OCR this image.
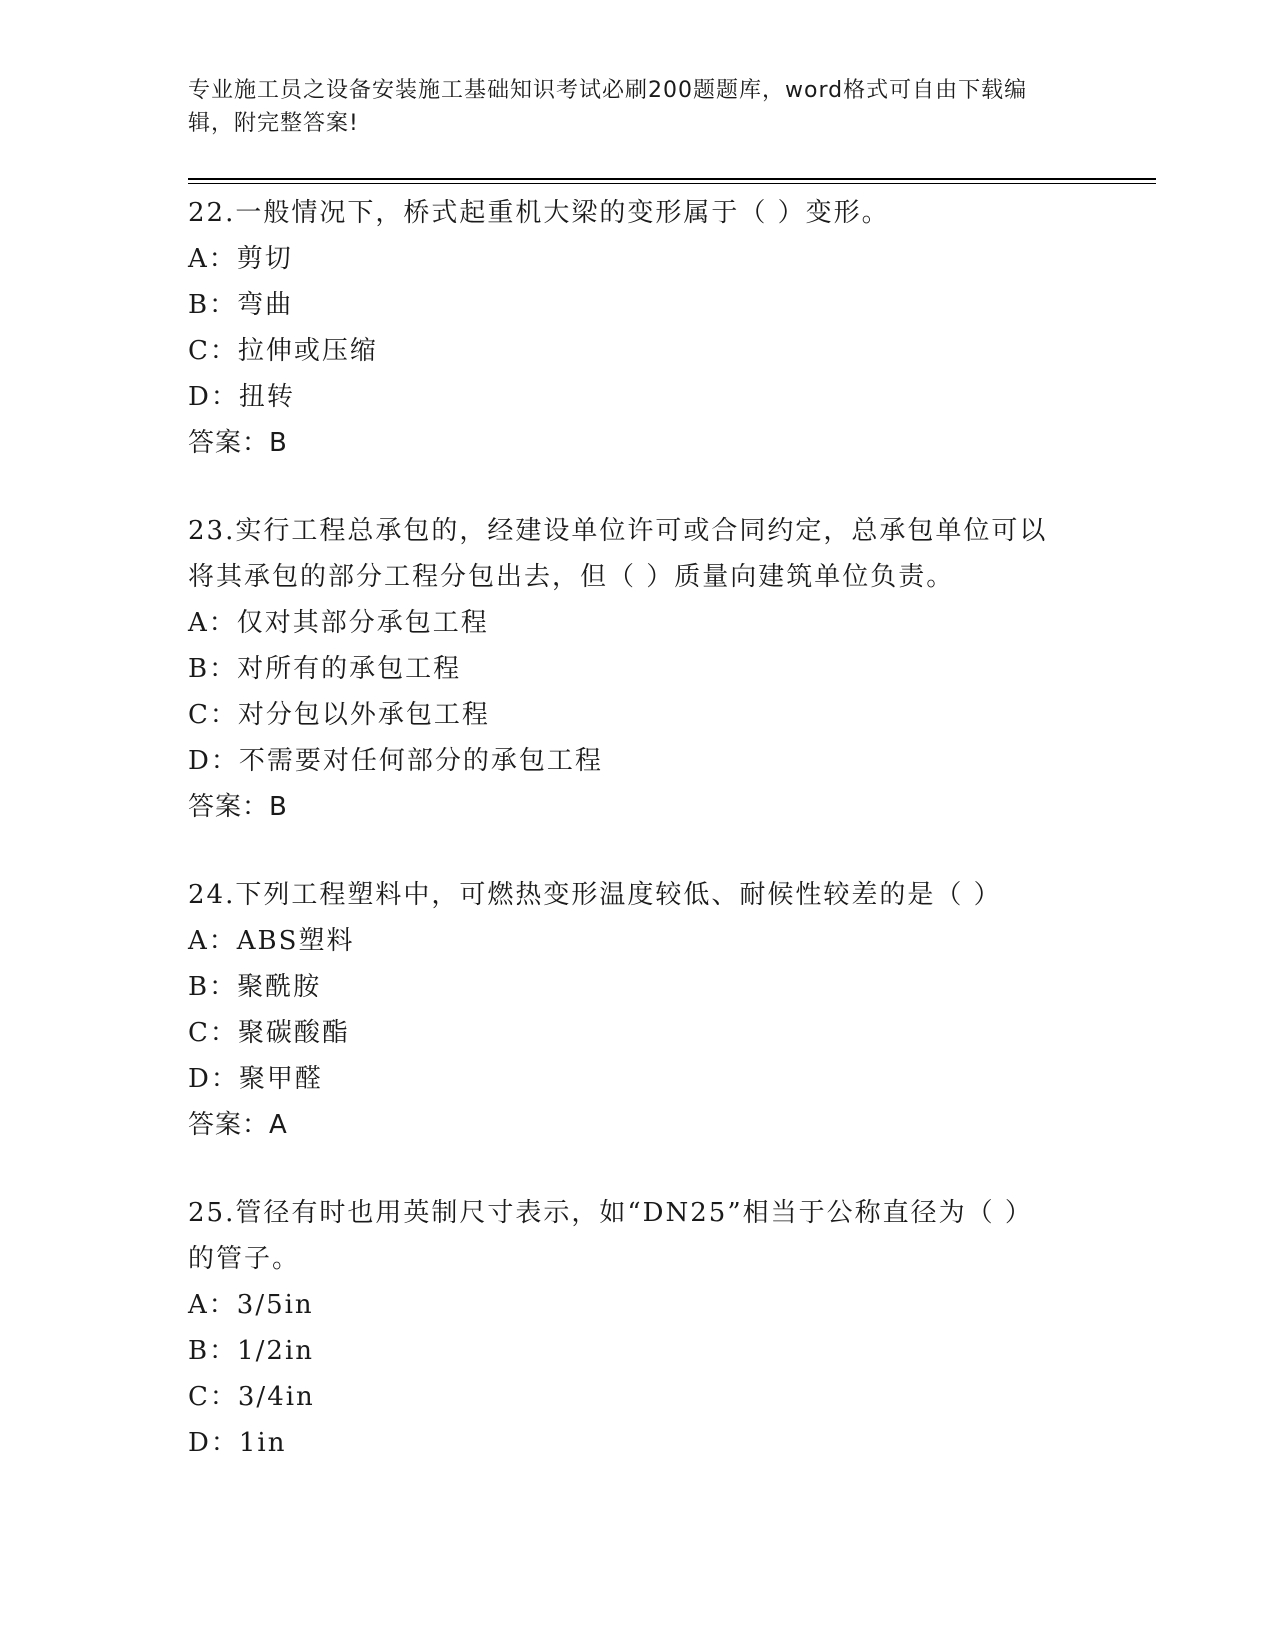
专业施工员之设备安装施工基础知识考试必刷200题题库，word格式可自由下载编辑，附完整答案!
22.一般情况下，桥式起重机大梁的变形属于（ ）变形。
A：剪切
B：弯曲
C：拉伸或压缩
D：扭转
答案：B
23.实行工程总承包的，经建设单位许可或合同约定，总承包单位可以
将其承包的部分工程分包出去，但（ ）质量向建筑单位负责。
A：仅对其部分承包工程
B：对所有的承包工程
C：对分包以外承包工程
D：不需要对任何部分的承包工程
答案：B
24.下列工程塑料中，可燃热变形温度较低、耐候性较差的是（ ）
A：ABS塑料
B：聚酰胺
C：聚碳酸酯
D：聚甲醛
答案：A
25.管径有时也用英制尺寸表示，如“DN25”相当于公称直径为（ ）
的管子。
A：3/5in
B：1/2in
C：3/4in
D：1in
